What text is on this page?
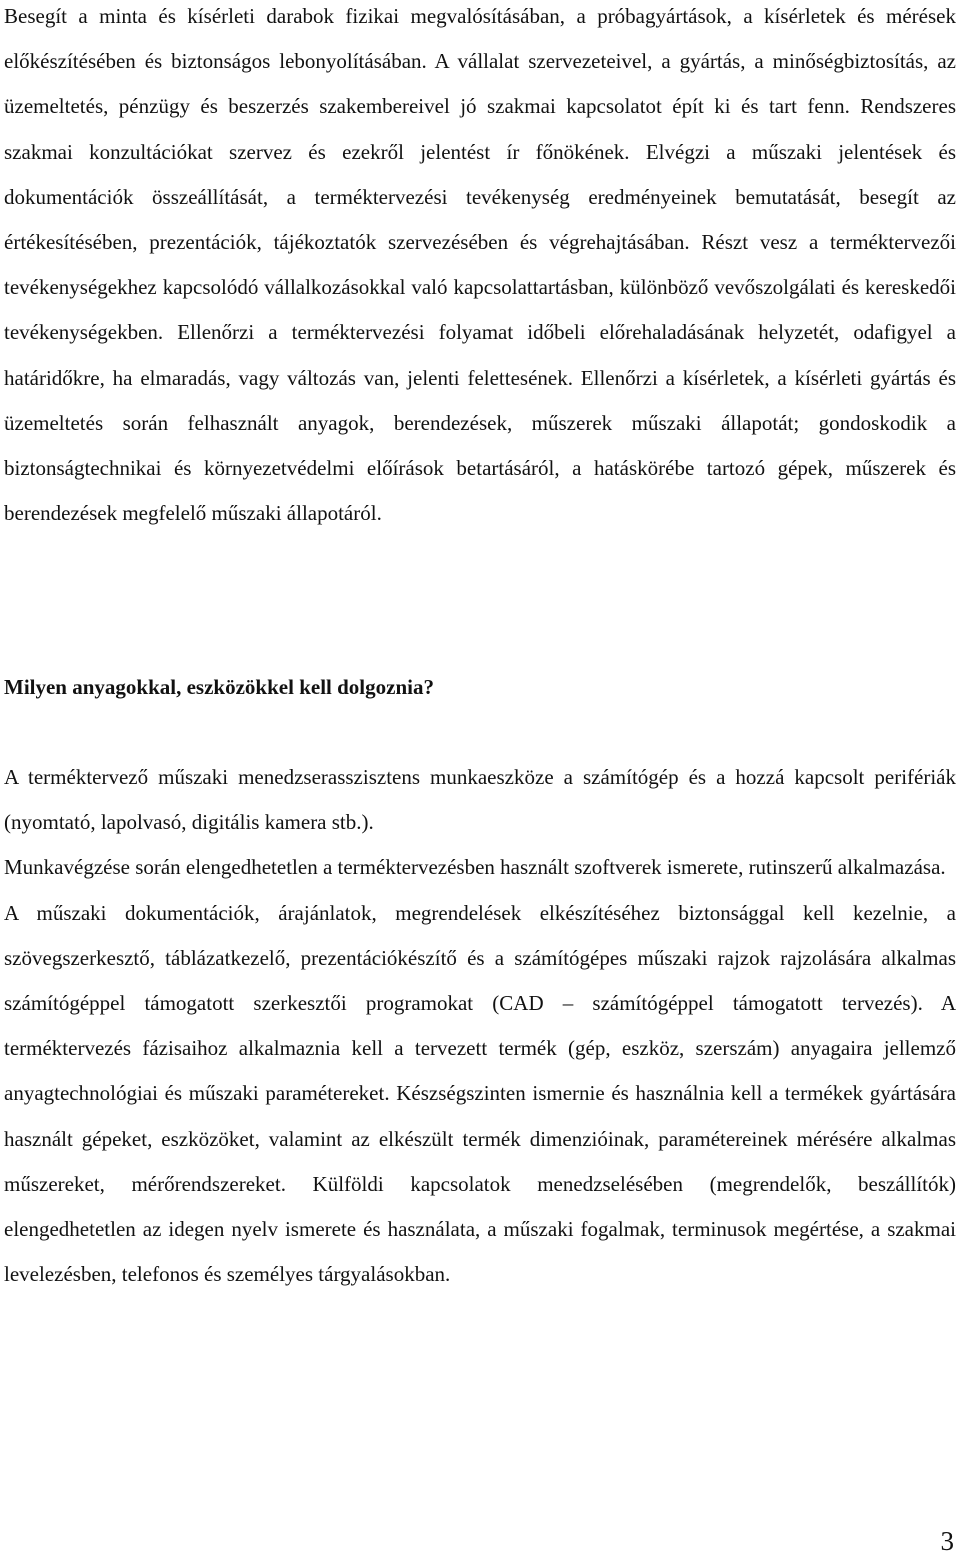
Besegít a minta és kísérleti darabok fizikai megvalósításában, a próbagyártások, a kísérletek és mérések előkészítésében és biztonságos lebonyolításában. A vállalat szervezeteivel, a gyártás, a minőségbiztosítás, az üzemeltetés, pénzügy és beszerzés szakembereivel jó szakmai kapcsolatot épít ki és tart fenn. Rendszeres szakmai konzultációkat szervez és ezekről jelentést ír főnökének. Elvégzi a műszaki jelentések és dokumentációk összeállítását, a terméktervezési tevékenység eredményeinek bemutatását, besegít az értékesítésében, prezentációk, tájékoztatók szervezésében és végrehajtásában. Részt vesz a terméktervezői tevékenységekhez kapcsolódó vállalkozásokkal való kapcsolattartásban, különböző vevőszolgálati és kereskedői tevékenységekben. Ellenőrzi a terméktervezési folyamat időbeli előrehaladásának helyzetét, odafigyel a határidőkre, ha elmaradás, vagy változás van, jelenti felettesének. Ellenőrzi a kísérletek, a kísérleti gyártás és üzemeltetés során felhasznált anyagok, berendezések, műszerek műszaki állapotát; gondoskodik a biztonságtechnikai és környezetvédelmi előírások betartásáról, a hatáskörébe tartozó gépek, műszerek és berendezések megfelelő műszaki állapotáról.

Milyen anyagokkal, eszközökkel kell dolgoznia?

A terméktervező műszaki menedzserasszisztens munkaeszköze a számítógép és a hozzá kapcsolt perifériák (nyomtató, lapolvasó, digitális kamera stb.).

Munkavégzése során elengedhetetlen a terméktervezésben használt szoftverek ismerete, rutinszerű alkalmazása.

A műszaki dokumentációk, árajánlatok, megrendelések elkészítéséhez biztonsággal kell kezelnie, a szövegszerkesztő, táblázatkezelő, prezentációkészítő és a számítógépes műszaki rajzok rajzolására alkalmas számítógéppel támogatott szerkesztői programokat (CAD – számítógéppel támogatott tervezés). A terméktervezés fázisaihoz alkalmaznia kell a tervezett termék (gép, eszköz, szerszám) anyagaira jellemző anyagtechnológiai és műszaki paramétereket. Készségszinten ismernie és használnia kell a termékek gyártására használt gépeket, eszközöket, valamint az elkészült termék dimenzióinak, paramétereinek mérésére alkalmas műszereket, mérőrendszereket. Külföldi kapcsolatok menedzselésében (megrendelők, beszállítók) elengedhetetlen az idegen nyelv ismerete és használata, a műszaki fogalmak, terminusok megértése, a szakmai levelezésben, telefonos és személyes tárgyalásokban.

3
